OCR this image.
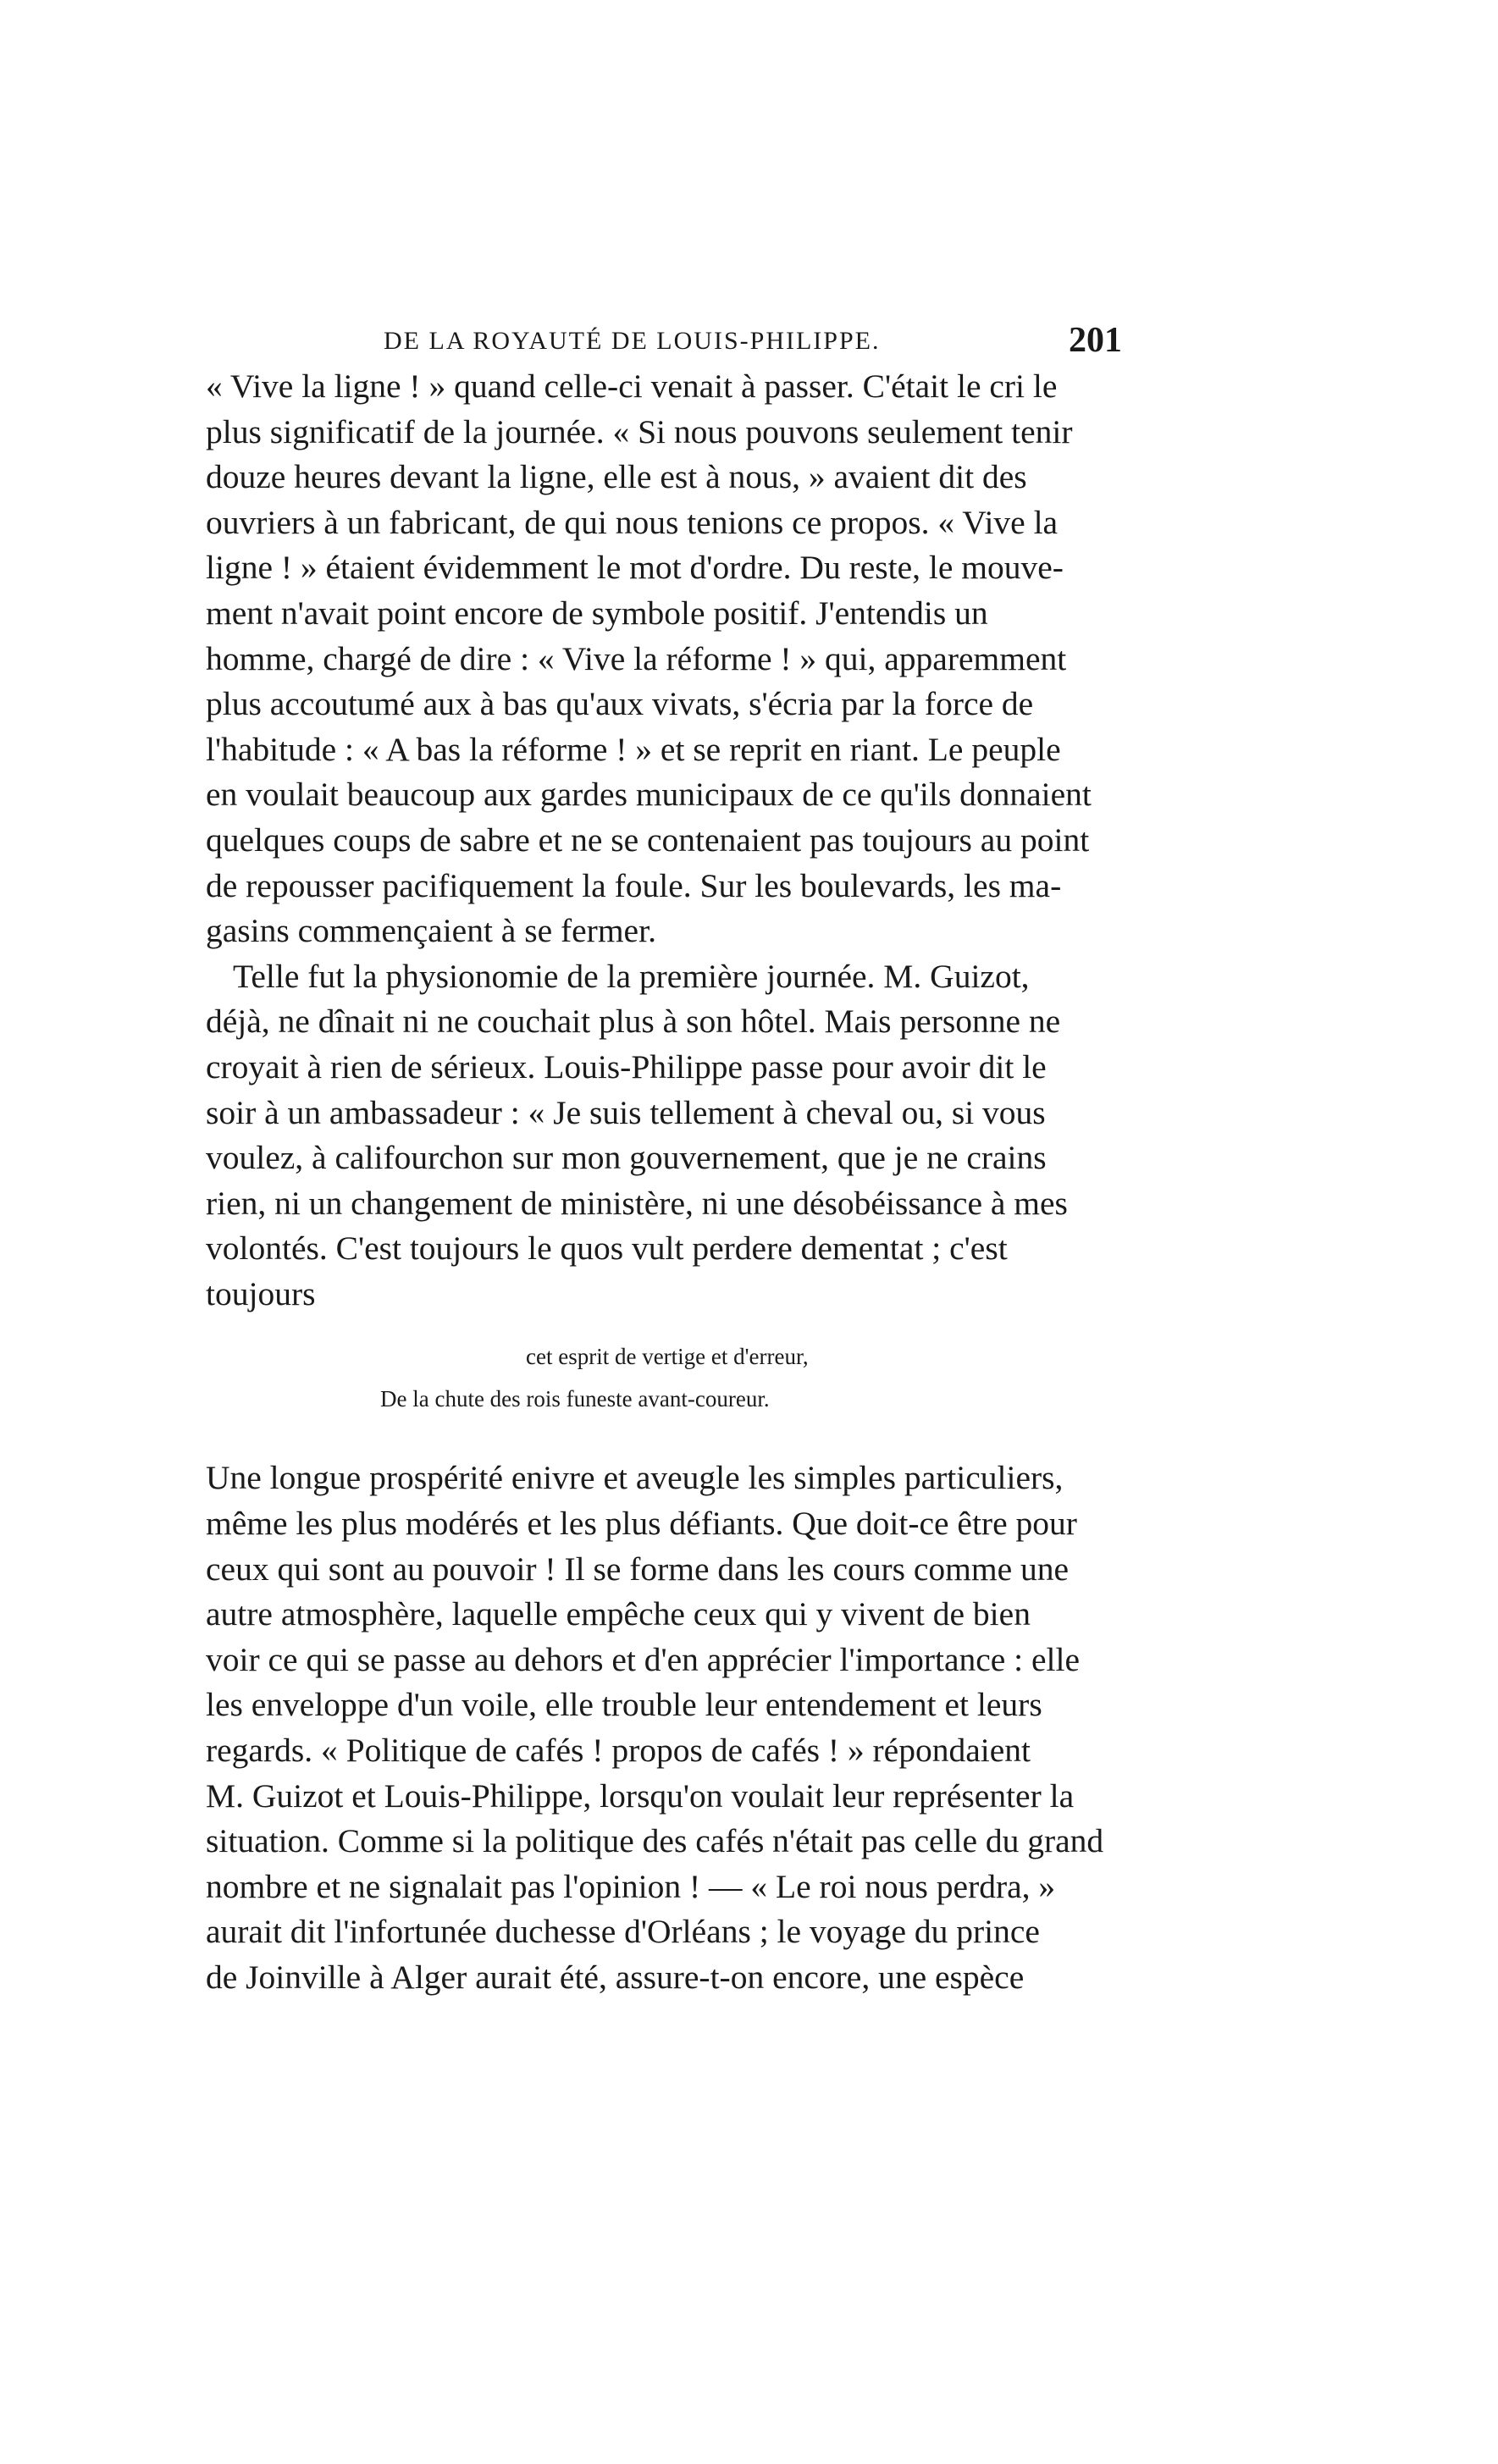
DE LA ROYAUTÉ DE LOUIS-PHILIPPE.	201
« Vive la ligne ! » quand celle-ci venait à passer. C'était le cri le
plus significatif de la journée. « Si nous pouvons seulement tenir
douze heures devant la ligne, elle est à nous, » avaient dit des
ouvriers à un fabricant, de qui nous tenions ce propos. « Vive la
ligne ! » étaient évidemment le mot d'ordre. Du reste, le mouve-
ment n'avait point encore de symbole positif. J'entendis un
homme, chargé de dire : « Vive la réforme ! » qui, apparemment
plus accoutumé aux à bas qu'aux vivats, s'écria par la force de
l'habitude : « A bas la réforme ! » et se reprit en riant. Le peuple
en voulait beaucoup aux gardes municipaux de ce qu'ils donnaient
quelques coups de sabre et ne se contenaient pas toujours au point
de repousser pacifiquement la foule. Sur les boulevards, les ma-
gasins commençaient à se fermer.
Telle fut la physionomie de la première journée. M. Guizot,
déjà, ne dînait ni ne couchait plus à son hôtel. Mais personne ne
croyait à rien de sérieux. Louis-Philippe passe pour avoir dit le
soir à un ambassadeur : « Je suis tellement à cheval ou, si vous
voulez, à califourchon sur mon gouvernement, que je ne crains
rien, ni un changement de ministère, ni une désobéissance à mes
volontés. C'est toujours le quos vult perdere dementat ; c'est
toujours
cet esprit de vertige et d'erreur,
De la chute des rois funeste avant-coureur.
Une longue prospérité enivre et aveugle les simples particuliers,
même les plus modérés et les plus défiants. Que doit-ce être pour
ceux qui sont au pouvoir ! Il se forme dans les cours comme une
autre atmosphère, laquelle empêche ceux qui y vivent de bien
voir ce qui se passe au dehors et d'en apprécier l'importance : elle
les enveloppe d'un voile, elle trouble leur entendement et leurs
regards. « Politique de cafés ! propos de cafés ! » répondaient
M. Guizot et Louis-Philippe, lorsqu'on voulait leur représenter la
situation. Comme si la politique des cafés n'était pas celle du grand
nombre et ne signalait pas l'opinion ! — « Le roi nous perdra, »
aurait dit l'infortunée duchesse d'Orléans ; le voyage du prince
de Joinville à Alger aurait été, assure-t-on encore, une espèce
